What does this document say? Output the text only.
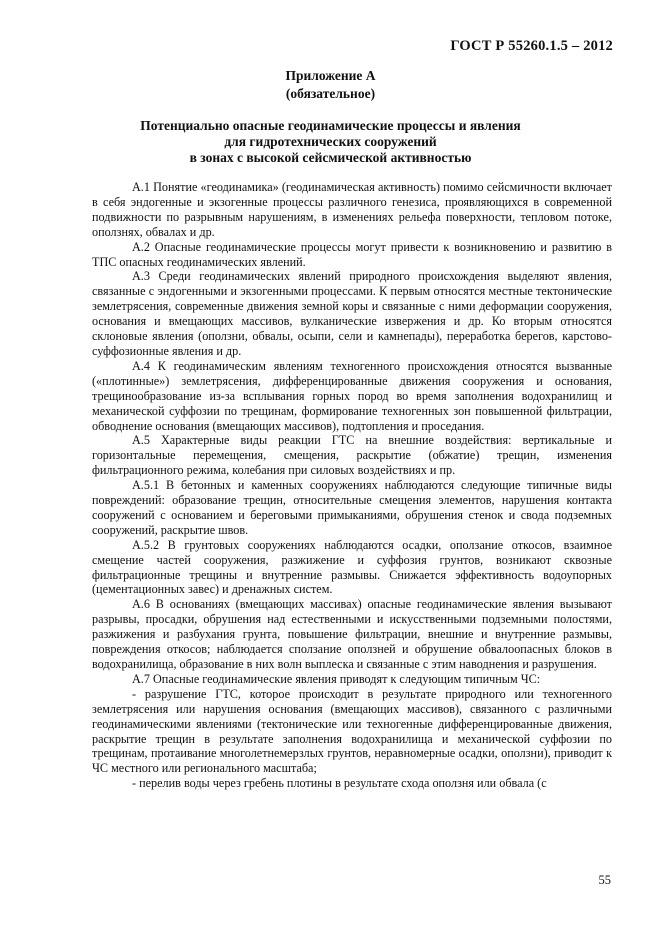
ГОСТ Р 55260.1.5 – 2012
Приложение А
(обязательное)
Потенциально опасные геодинамические процессы и явления
для гидротехнических сооружений
в зонах с высокой сейсмической активностью

А.1 Понятие «геодинамика» (геодинамическая активность) помимо сейсмичности включает в себя эндогенные и экзогенные процессы различного генезиса, проявляющихся в современной подвижности по разрывным нарушениям, в изменениях рельефа поверхности, тепловом потоке, оползнях, обвалах и др.

А.2 Опасные геодинамические процессы могут привести к возникновению и развитию в ТПС опасных геодинамических явлений.

А.3 Среди геодинамических явлений природного происхождения выделяют явления, связанные с эндогенными и экзогенными процессами. К первым относятся местные тектонические землетрясения, современные движения земной коры и связанные с ними деформации сооружения, основания и вмещающих массивов, вулканические извержения и др. Ко вторым относятся склоновые явления (оползни, обвалы, осыпи, сели и камнепады), переработка берегов, карстово-суффозионные явления и др.

А.4 К геодинамическим явлениям техногенного происхождения относятся вызванные («плотинные») землетрясения, дифференцированные движения сооружения и основания, трещинообразование из-за всплывания горных пород во время заполнения водохранилищ и механической суффозии по трещинам, формирование техногенных зон повышенной фильтрации, обводнение основания (вмещающих массивов), подтопления и проседания.

А.5 Характерные виды реакции ГТС на внешние воздействия: вертикальные и горизонтальные перемещения, смещения, раскрытие (обжатие) трещин, изменения фильтрационного режима, колебания при силовых воздействиях и пр.

А.5.1 В бетонных и каменных сооружениях наблюдаются следующие типичные виды повреждений: образование трещин, относительные смещения элементов, нарушения контакта сооружений с основанием и береговыми примыканиями, обрушения стенок и свода подземных сооружений, раскрытие швов.

А.5.2 В грунтовых сооружениях наблюдаются осадки, оползание откосов, взаимное смещение частей сооружения, разжижение и суффозия грунтов, возникают сквозные фильтрационные трещины и внутренние размывы. Снижается эффективность водоупорных (цементационных завес) и дренажных систем.

А.6 В основаниях (вмещающих массивах) опасные геодинамические явления вызывают разрывы, просадки, обрушения над естественными и искусственными подземными полостями, разжижения и разбухания грунта, повышение фильтрации, внешние и внутренние размывы, повреждения откосов; наблюдается сползание оползней и обрушение обвалоопасных блоков в водохранилища, образование в них волн выплеска и связанные с этим наводнения и разрушения.

А.7 Опасные геодинамические явления приводят к следующим типичным ЧС:

- разрушение ГТС, которое происходит в результате природного или техногенного землетрясения или нарушения основания (вмещающих массивов), связанного с различными геодинамическими явлениями (тектонические или техногенные дифференцированные движения, раскрытие трещин в результате заполнения водохранилища и механической суффозии по трещинам, протаивание многолетнемерзлых грунтов, неравномерные осадки, оползни), приводит к ЧС местного или регионального масштаба;

- перелив воды через гребень плотины в результате схода оползня или обвала (с

55
